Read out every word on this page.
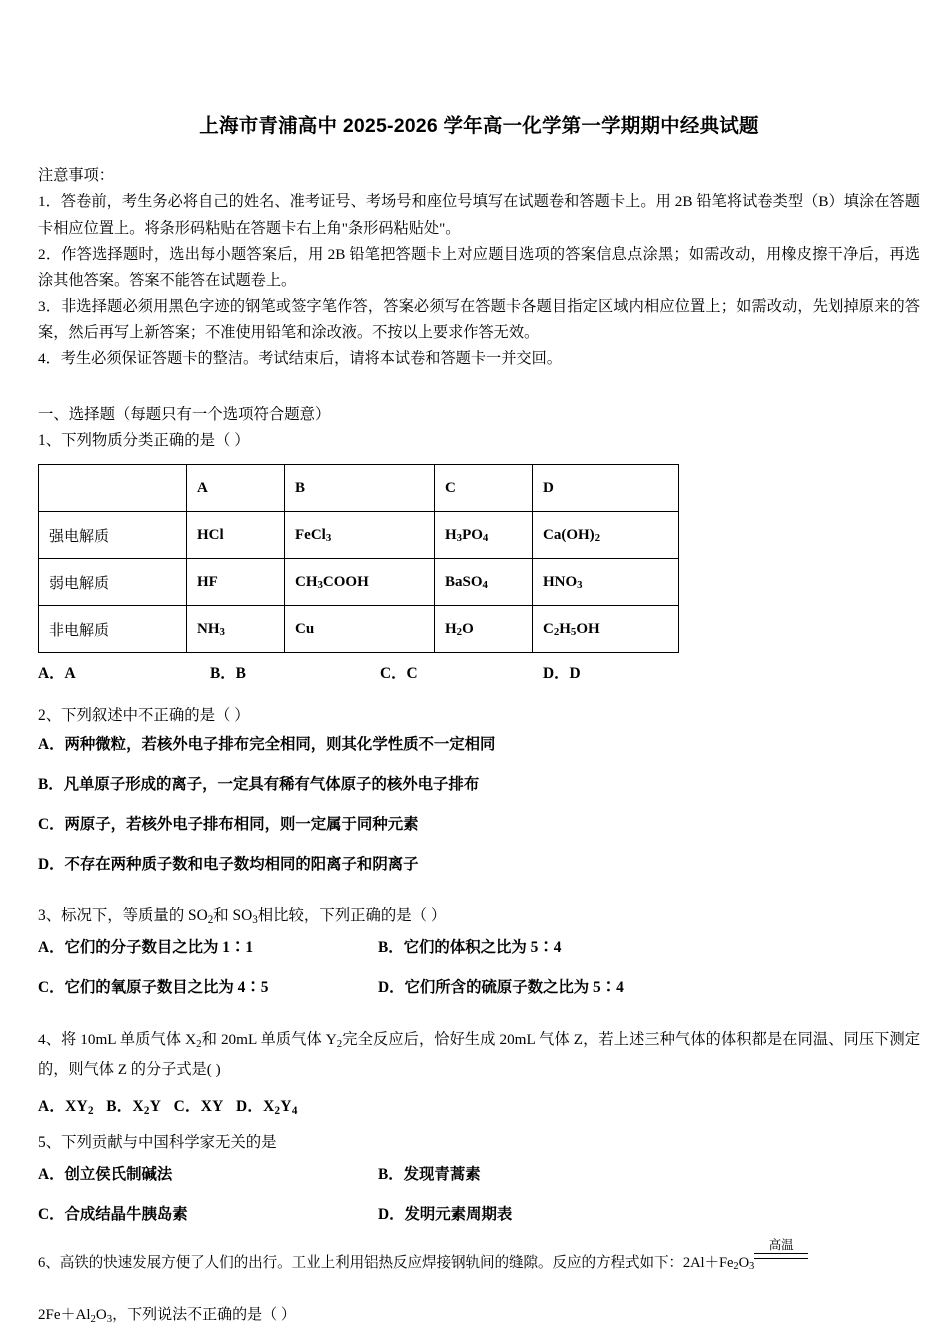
上海市青浦高中 2025-2026 学年高一化学第一学期期中经典试题
注意事项：
1．答卷前，考生务必将自己的姓名、准考证号、考场号和座位号填写在试题卷和答题卡上。用 2B 铅笔将试卷类型（B）填涂在答题卡相应位置上。将条形码粘贴在答题卡右上角"条形码粘贴处"。
2．作答选择题时，选出每小题答案后，用 2B 铅笔把答题卡上对应题目选项的答案信息点涂黑；如需改动，用橡皮擦干净后，再选涂其他答案。答案不能答在试题卷上。
3．非选择题必须用黑色字迹的钢笔或签字笔作答，答案必须写在答题卡各题目指定区域内相应位置上；如需改动，先划掉原来的答案，然后再写上新答案；不准使用铅笔和涂改液。不按以上要求作答无效。
4．考生必须保证答题卡的整洁。考试结束后，请将本试卷和答题卡一并交回。
一、选择题（每题只有一个选项符合题意）
1、下列物质分类正确的是（ ）
	A	B	C	D
强电解质	HCl	FeCl$_3$	$H_3PO_4$	$Ca(OH)_2$
弱电解质	HF	$CH_3COOH$	BaSO$_4$	$HNO_3$
非电解质	$NH_3$	Cu	$H_2O$	$C_2H_5OH$
A．A	B．B	C．C	D．D
2、下列叙述中不正确的是（ ）
A．两种微粒，若核外电子排布完全相同，则其化学性质不一定相同
B．凡单原子形成的离子，一定具有稀有气体原子的核外电子排布
C．两原子，若核外电子排布相同，则一定属于同种元素
D．不存在两种质子数和电子数均相同的阳离子和阴离子
3、标况下，等质量的 $SO_2$和 $SO_3$相比较，下列正确的是（ ）
A．它们的分子数目之比为 1∶1	B．它们的体积之比为 5∶4
C．它们的氧原子数目之比为 4∶5	D．它们所含的硫原子数之比为 5∶4
4、将 10mL 单质气体 $X_2$和 20mL 单质气体 $Y_2$完全反应后，恰好生成 20mL 气体 Z，若上述三种气体的体积都是在同温、同压下测定的，则气体 Z 的分子式是( )
A．$XY_2$ B．$X_2Y$ C．XY D．$X_2Y_4$
5、下列贡献与中国科学家无关的是
A．创立侯氏制碱法	B．发现青蒿素
C．合成结晶牛胰岛素	D．发明元素周期表
6、高铁的快速发展方便了人们的出行。工业上利用铝热反应焊接钢轨间的缝隙。反应的方程式如下：$2Al+Fe_2O_3$
高温
$2Fe+Al_2O_3$，下列说法不正确的是（ ）
